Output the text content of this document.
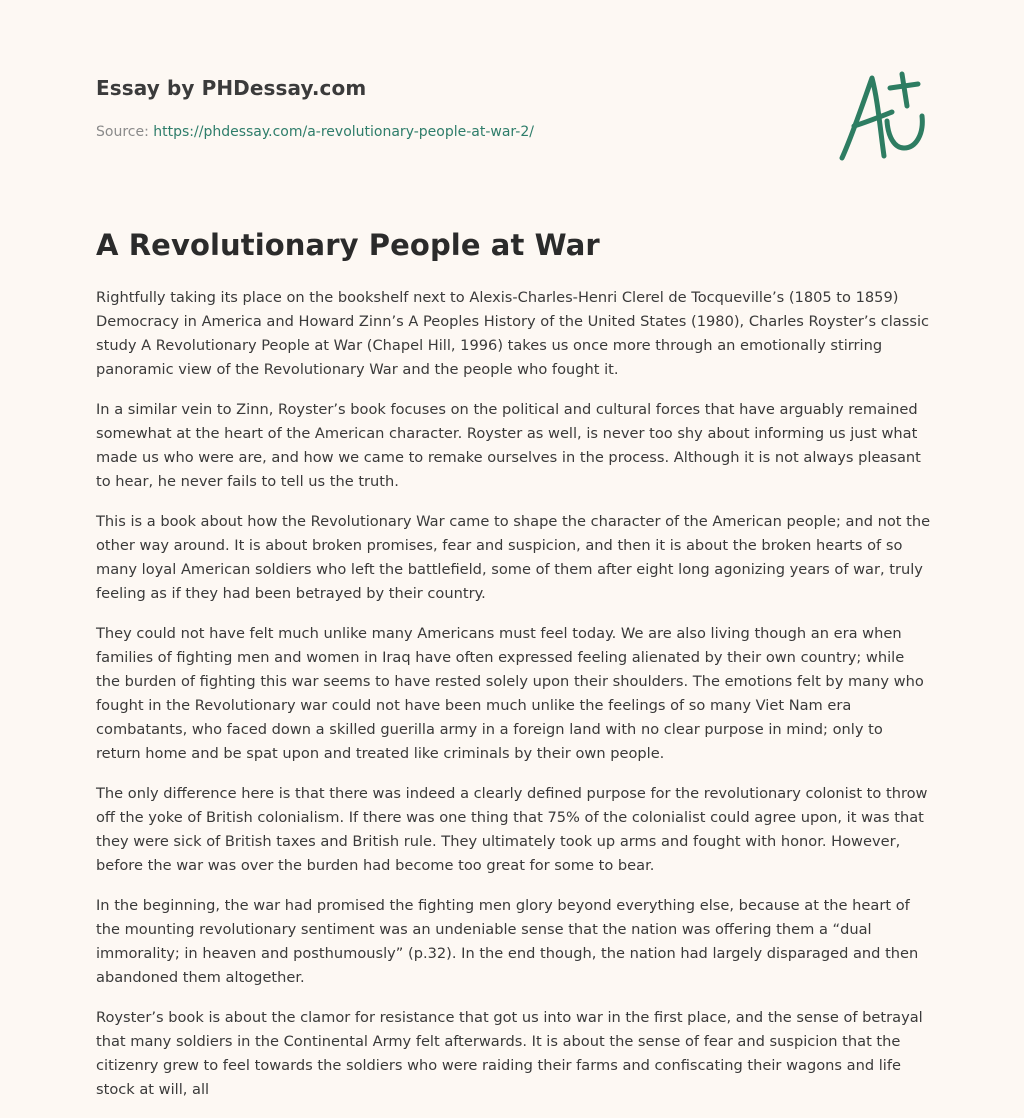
Essay by PHDessay.com
Source: https://phdessay.com/a-revolutionary-people-at-war-2/
A Revolutionary People at War

Rightfully taking its place on the bookshelf next to Alexis-Charles-Henri Clerel de Tocqueville’s (1805 to 1859) Democracy in America and Howard Zinn’s A Peoples History of the United States (1980), Charles Royster’s classic study A Revolutionary People at War (Chapel Hill, 1996) takes us once more through an emotionally stirring panoramic view of the Revolutionary War and the people who fought it.

In a similar vein to Zinn, Royster’s book focuses on the political and cultural forces that have arguably remained somewhat at the heart of the American character. Royster as well, is never too shy about informing us just what made us who were are, and how we came to remake ourselves in the process. Although it is not always pleasant to hear, he never fails to tell us the truth.

This is a book about how the Revolutionary War came to shape the character of the American people; and not the other way around. It is about broken promises, fear and suspicion, and then it is about the broken hearts of so many loyal American soldiers who left the battlefield, some of them after eight long agonizing years of war, truly feeling as if they had been betrayed by their country.

They could not have felt much unlike many Americans must feel today. We are also living though an era when families of fighting men and women in Iraq have often expressed feeling alienated by their own country; while the burden of fighting this war seems to have rested solely upon their shoulders. The emotions felt by many who fought in the Revolutionary war could not have been much unlike the feelings of so many Viet Nam era combatants, who faced down a skilled guerilla army in a foreign land with no clear purpose in mind; only to return home and be spat upon and treated like criminals by their own people.

The only difference here is that there was indeed a clearly defined purpose for the revolutionary colonist to throw off the yoke of British colonialism. If there was one thing that 75% of the colonialist could agree upon, it was that they were sick of British taxes and British rule. They ultimately took up arms and fought with honor. However, before the war was over the burden had become too great for some to bear.

In the beginning, the war had promised the fighting men glory beyond everything else, because at the heart of the mounting revolutionary sentiment was an undeniable sense that the nation was offering them a “dual immorality; in heaven and posthumously” (p.32). In the end though, the nation had largely disparaged and then abandoned them altogether.

Royster’s book is about the clamor for resistance that got us into war in the first place, and the sense of betrayal that many soldiers in the Continental Army felt afterwards. It is about the sense of fear and suspicion that the citizenry grew to feel towards the soldiers who were raiding their farms and confiscating their wagons and life stock at will, all
